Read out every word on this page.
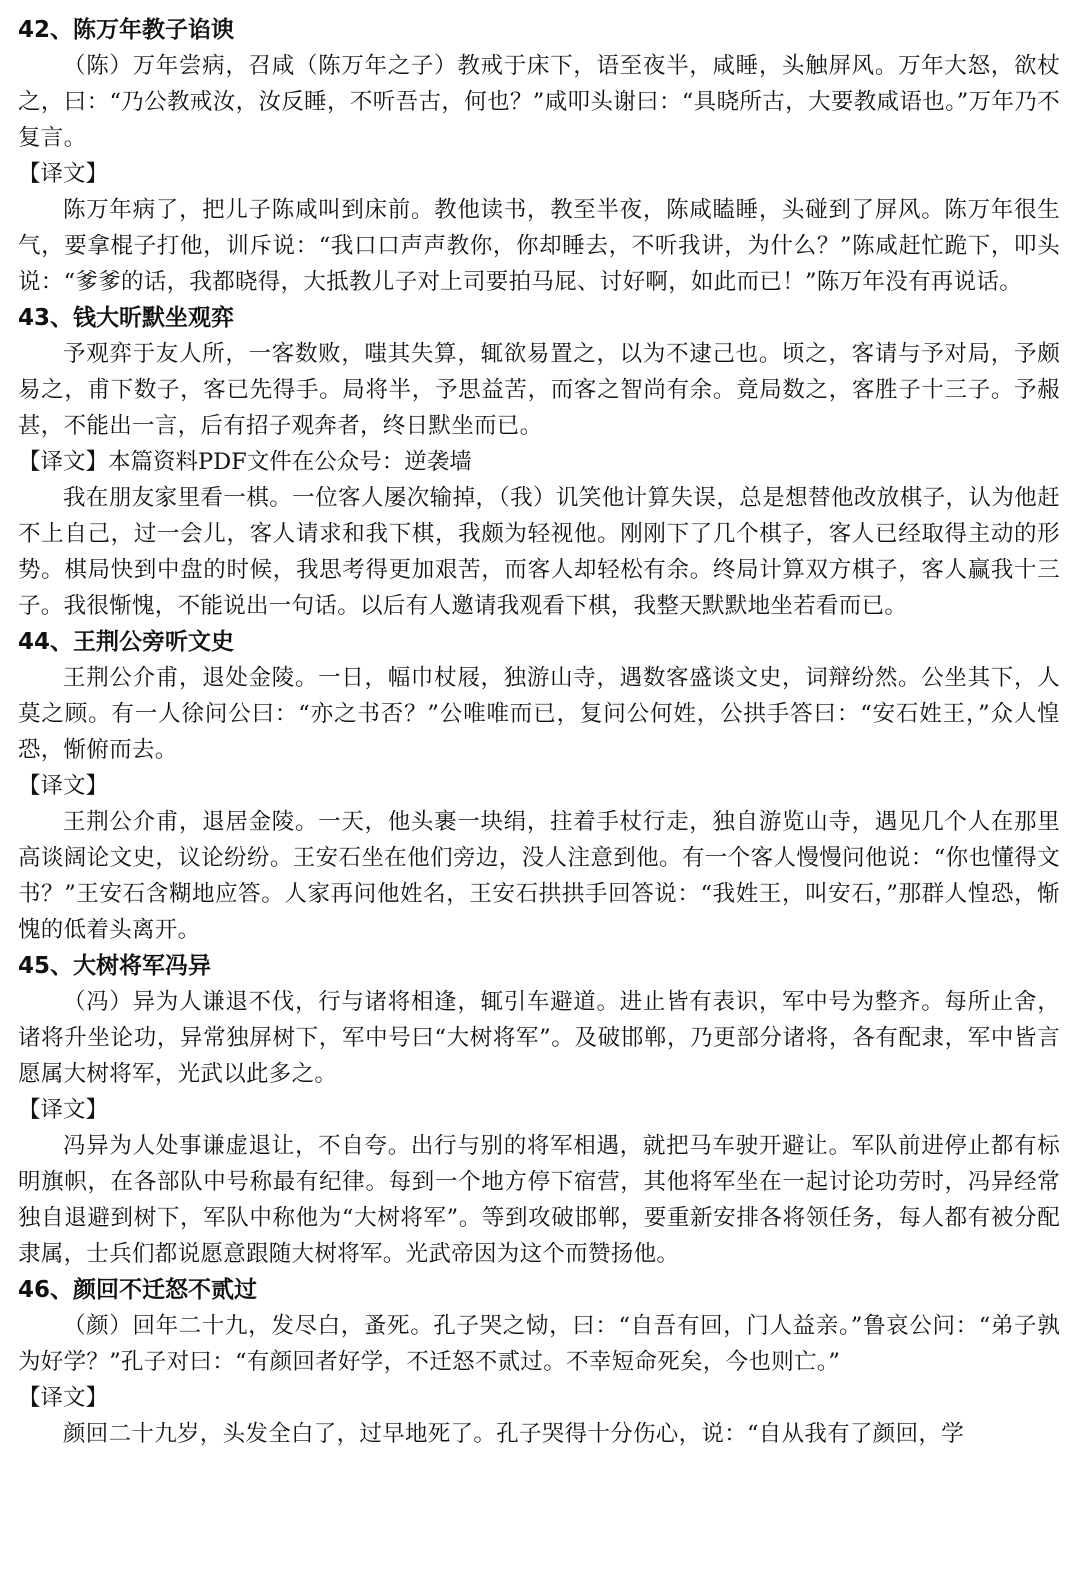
42、陈万年教子谄谀

（陈）万年尝病，召咸（陈万年之子）教戒于床下，语至夜半，咸睡，头触屏风。万年大怒，欲杖之，曰：“乃公教戒汝，汝反睡，不听吾古，何也？”咸叩头谢曰：“具晓所古，大要教咸语也。”万年乃不复言。

【译文】

陈万年病了，把儿子陈咸叫到床前。教他读书，教至半夜，陈咸瞌睡，头碰到了屏风。陈万年很生气，要拿棍子打他，训斥说：“我口口声声教你，你却睡去，不听我讲，为什么？”陈咸赶忙跪下，叩头说：“爹爹的话，我都晓得，大抵教儿子对上司要拍马屁、讨好啊，如此而已！”陈万年没有再说话。

43、钱大昕默坐观弈

予观弈于友人所，一客数败，嗤其失算，辄欲易置之，以为不逮己也。顷之，客请与予对局，予颇易之，甫下数子，客已先得手。局将半，予思益苦，而客之智尚有余。竟局数之，客胜子十三子。予赧甚，不能出一言，后有招子观奔者，终日默坐而已。

【译文】本篇资料PDF文件在公众号：逆袭墙

我在朋友家里看一棋。一位客人屡次输掉，（我）讥笑他计算失误，总是想替他改放棋子，认为他赶不上自己，过一会儿，客人请求和我下棋，我颇为轻视他。刚刚下了几个棋子，客人已经取得主动的形势。棋局快到中盘的时候，我思考得更加艰苦，而客人却轻松有余。终局计算双方棋子，客人赢我十三子。我很惭愧，不能说出一句话。以后有人邀请我观看下棋，我整天默默地坐若看而已。

44、王荆公旁听文史

王荆公介甫，退处金陵。一日，幅巾杖屐，独游山寺，遇数客盛谈文史，词辩纷然。公坐其下，人莫之顾。有一人徐问公曰：“亦之书否？”公唯唯而已，复问公何姓，公拱手答曰：“安石姓王，”众人惶恐，惭俯而去。

【译文】

王荆公介甫，退居金陵。一天，他头裹一块绢，拄着手杖行走，独自游览山寺，遇见几个人在那里高谈阔论文史，议论纷纷。王安石坐在他们旁边，没人注意到他。有一个客人慢慢问他说：“你也懂得文书？”王安石含糊地应答。人家再问他姓名，王安石拱拱手回答说：“我姓王，叫安石，”那群人惶恐，惭愧的低着头离开。

45、大树将军冯异

（冯）异为人谦退不伐，行与诸将相逢，辄引车避道。进止皆有表识，军中号为整齐。每所止舍，诸将升坐论功，异常独屏树下，军中号曰“大树将军”。及破邯郸，乃更部分诸将，各有配隶，军中皆言愿属大树将军，光武以此多之。

【译文】

冯异为人处事谦虚退让，不自夸。出行与别的将军相遇，就把马车驶开避让。军队前进停止都有标明旗帜，在各部队中号称最有纪律。每到一个地方停下宿营，其他将军坐在一起讨论功劳时，冯异经常独自退避到树下，军队中称他为“大树将军”。等到攻破邯郸，要重新安排各将领任务，每人都有被分配隶属，士兵们都说愿意跟随大树将军。光武帝因为这个而赞扬他。

46、颜回不迁怒不贰过

（颜）回年二十九，发尽白，蚤死。孔子哭之恸，曰：“自吾有回，门人益亲。”鲁哀公问：“弟子孰为好学？”孔子对曰：“有颜回者好学，不迁怒不贰过。不幸短命死矣，今也则亡。”

【译文】

颜回二十九岁，头发全白了，过早地死了。孔子哭得十分伤心，说：“自从我有了颜回，学
